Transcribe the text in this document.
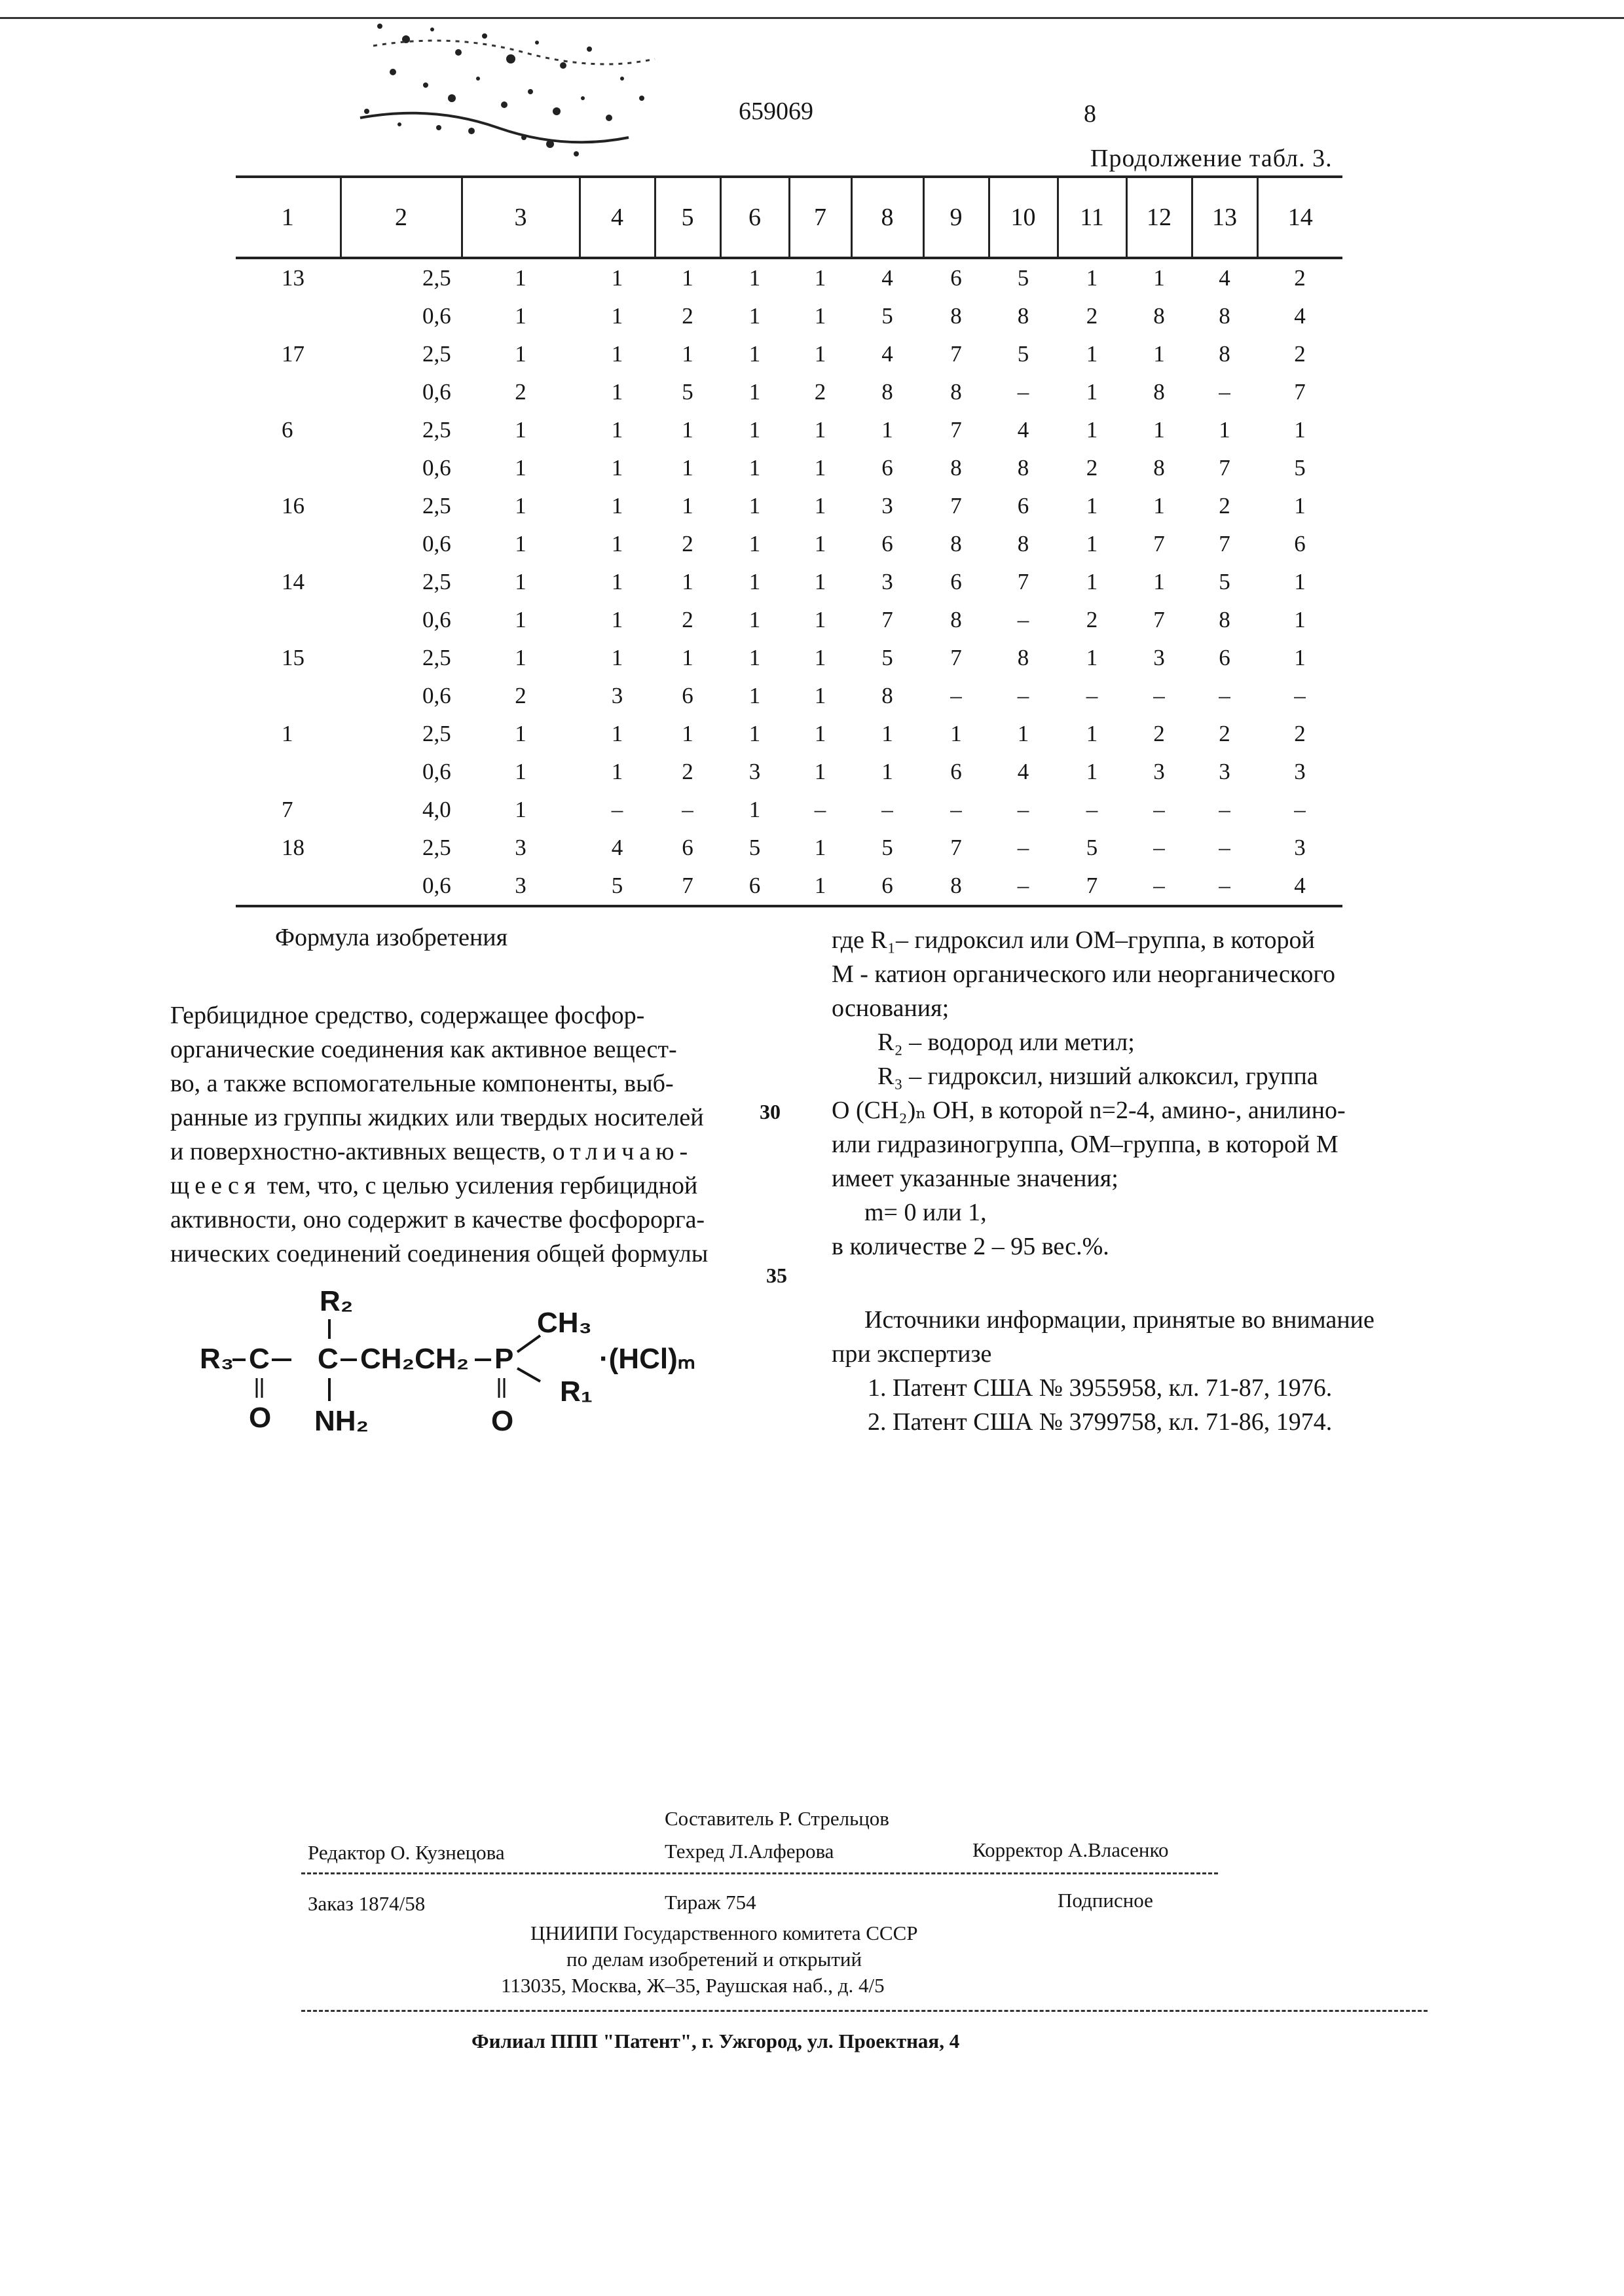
659069	8
Продолжение табл. 3.
1	2	3	4	5	6	7	8	9	10	11	12	13	14
13	2,5	1	1	1	1	1	4	6	5	1	1	4	2
	0,6	1	1	2	1	1	5	8	8	2	8	8	4
17	2,5	1	1	1	1	1	4	7	5	1	1	8	2
	0,6	2	1	5	1	2	8	8	–	1	8	–	7
6	2,5	1	1	1	1	1	1	7	4	1	1	1	1
	0,6	1	1	1	1	1	6	8	8	2	8	7	5
16	2,5	1	1	1	1	1	3	7	6	1	1	2	1
	0,6	1	1	2	1	1	6	8	8	1	7	7	6
14	2,5	1	1	1	1	1	3	6	7	1	1	5	1
	0,6	1	1	2	1	1	7	8	–	2	7	8	1
15	2,5	1	1	1	1	1	5	7	8	1	3	6	1
	0,6	2	3	6	1	1	8	–	–	–	–	–	–
1	2,5	1	1	1	1	1	1	1	1	1	2	2	2
	0,6	1	1	2	3	1	1	6	4	1	3	3	3
7	4,0	1	–	–	1	–	–	–	–	–	–	–	–
18	2,5	3	4	6	5	1	5	7	–	5	–	–	3
	0,6	3	5	7	6	1	6	8	–	7	–	–	4
Формула изобретения
Гербицидное средство, содержащее фосфор-
органические соединения как активное вещест-
во, а также вспомогательные компоненты, выб-
ранные из группы жидких или твердых носителей
и поверхностно-активных веществ, отличаю-
щееся тем, что, с целью усиления гербицидной
активности, оно содержит в качестве фосфорорга-
нических соединений соединения общей формулы
30
35
R₂
R₃ C C CH₂CH₂ P
CH₃
R₁
·(HCl)ₘ
O NH₂	O
где R₁– гидроксил или OM–группа, в которой
M - катион органического или неорганического
основания;
R₂ – водород или метил;
R₃ – гидроксил, низший алкоксил, группа
O (CH₂)ₙ OH, в которой n=2-4, амино-, анилино-
или гидразиногруппа, OM–группа, в которой M
имеет указанные значения;
m= 0 или 1,
в количестве 2 – 95 вес.%.
Источники информации, принятые во внимание
при экспертизе
1. Патент США № 3955958, кл. 71-87, 1976.
2. Патент США № 3799758, кл. 71-86, 1974.
Составитель Р. Стрельцов
Редактор О. Кузнецова	Техред Л.Алферова	Корректор А.Власенко
Заказ 1874/58	Тираж 754	Подписное
ЦНИИПИ Государственного комитета СССР
по делам изобретений и открытий
113035, Москва, Ж–35, Раушская наб., д. 4/5
Филиал ППП "Патент", г. Ужгород, ул. Проектная, 4
